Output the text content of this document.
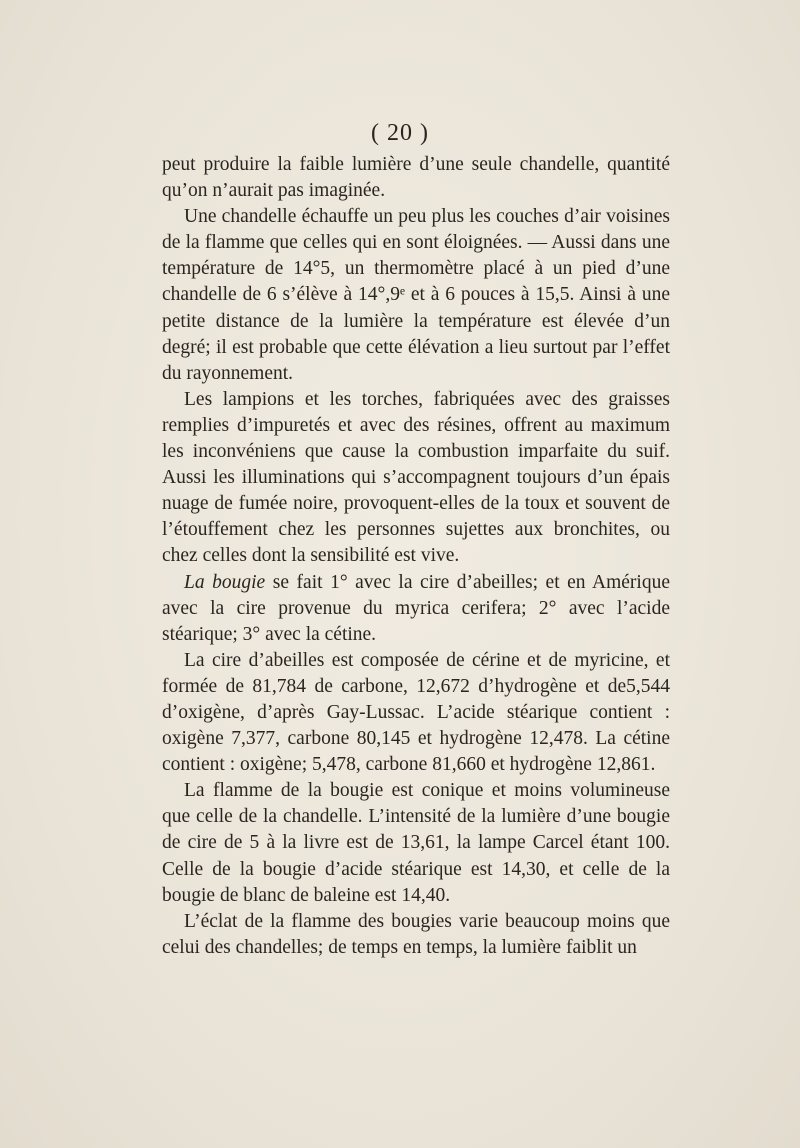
( 20 )

peut produire la faible lumière d’une seule chandelle, quantité qu’on n’aurait pas imaginée.

Une chandelle échauffe un peu plus les couches d’air voisines de la flamme que celles qui en sont éloignées. — Aussi dans une température de 14°5, un thermomètre placé à un pied d’une chandelle de 6 s’élève à 14°,9ᵉ et à 6 pouces à 15,5. Ainsi à une petite distance de la lumière la température est élevée d’un degré; il est probable que cette élévation a lieu surtout par l’effet du rayonnement.

Les lampions et les torches, fabriquées avec des graisses remplies d’impuretés et avec des résines, offrent au maximum les inconvéniens que cause la combustion imparfaite du suif. Aussi les illuminations qui s’accompagnent toujours d’un épais nuage de fumée noire, provoquent-elles de la toux et souvent de l’étouffement chez les personnes sujettes aux bronchites, ou chez celles dont la sensibilité est vive.

La bougie se fait 1° avec la cire d’abeilles; et en Amérique avec la cire provenue du myrica cerifera; 2° avec l’acide stéarique; 3° avec la cétine.

La cire d’abeilles est composée de cérine et de myricine, et formée de 81,784 de carbone, 12,672 d’hydrogène et de5,544 d’oxigène, d’après Gay-Lussac. L’acide stéarique contient : oxigène 7,377, carbone 80,145 et hydrogène 12,478. La cétine contient : oxigène; 5,478, carbone 81,660 et hydrogène 12,861.

La flamme de la bougie est conique et moins volumineuse que celle de la chandelle. L’intensité de la lumière d’une bougie de cire de 5 à la livre est de 13,61, la lampe Carcel étant 100. Celle de la bougie d’acide stéarique est 14,30, et celle de la bougie de blanc de baleine est 14,40.

L’éclat de la flamme des bougies varie beaucoup moins que celui des chandelles; de temps en temps, la lumière faiblit un
